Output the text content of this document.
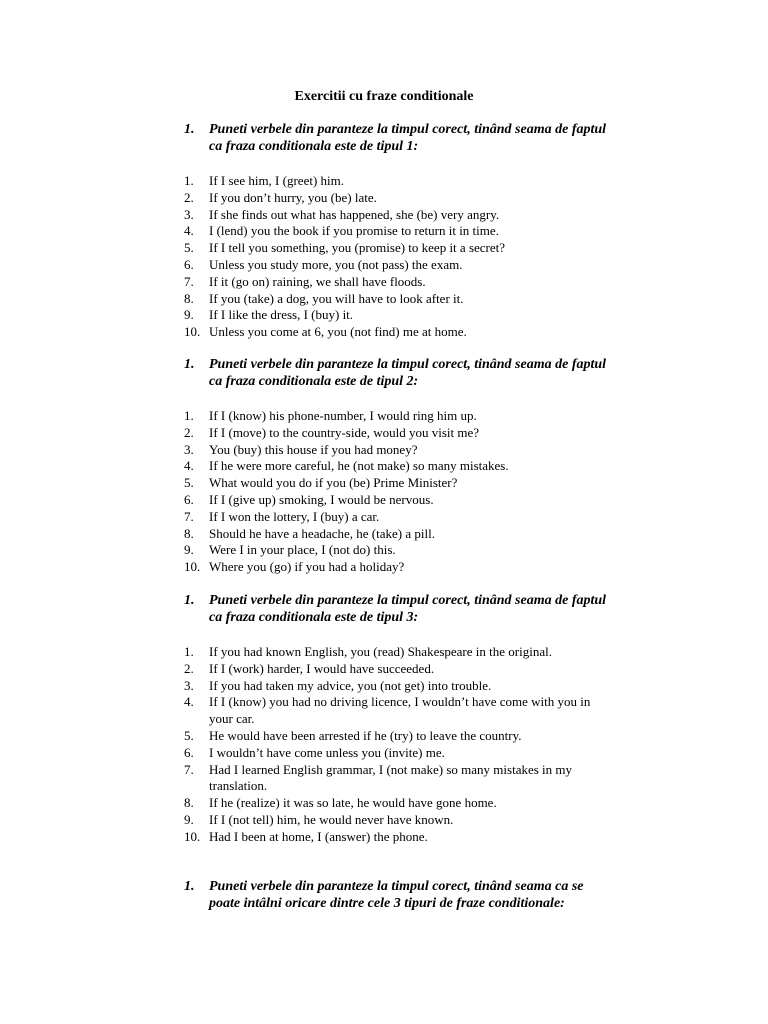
Exercitii cu fraze conditionale
1. Puneti verbele din paranteze la timpul corect, tinând seama de faptul ca fraza conditionala este de tipul 1:
1. If I see him, I (greet) him.
2. If you don’t hurry, you (be) late.
3. If she finds out what has happened, she (be) very angry.
4. I (lend) you the book if you promise to return it in time.
5. If I tell you something, you (promise) to keep it a secret?
6. Unless you study more, you (not pass) the exam.
7. If it (go on) raining, we shall have floods.
8. If you (take) a dog, you will have to look after it.
9. If I like the dress, I (buy) it.
10. Unless you come at 6, you (not find) me at home.
1. Puneti verbele din paranteze la timpul corect, tinând seama de faptul ca fraza conditionala este de tipul 2:
1. If I (know) his phone-number, I would ring him up.
2. If I (move) to the country-side, would you visit me?
3. You (buy) this house if you had money?
4. If he were more careful, he (not make) so many mistakes.
5. What would you do if you (be) Prime Minister?
6. If I (give up) smoking, I would be nervous.
7. If I won the lottery, I (buy) a car.
8. Should he have a headache, he (take) a pill.
9. Were I in your place, I (not do) this.
10. Where you (go) if you had a holiday?
1. Puneti verbele din paranteze la timpul corect, tinând seama de faptul ca fraza conditionala este de tipul 3:
1. If you had known English, you (read) Shakespeare in the original.
2. If I (work) harder, I would have succeeded.
3. If you had taken my advice, you (not get) into trouble.
4. If I (know) you had no driving licence, I wouldn’t have come with you in your car.
5. He would have been arrested if he (try) to leave the country.
6. I wouldn’t have come unless you (invite) me.
7. Had I learned English grammar, I (not make) so many mistakes in my translation.
8. If he (realize) it was so late, he would have gone home.
9. If I (not tell) him, he would never have known.
10. Had I been at home, I (answer) the phone.
1. Puneti verbele din paranteze la timpul corect, tinând seama ca se poate intâlni oricare dintre cele 3 tipuri de fraze conditionale:
